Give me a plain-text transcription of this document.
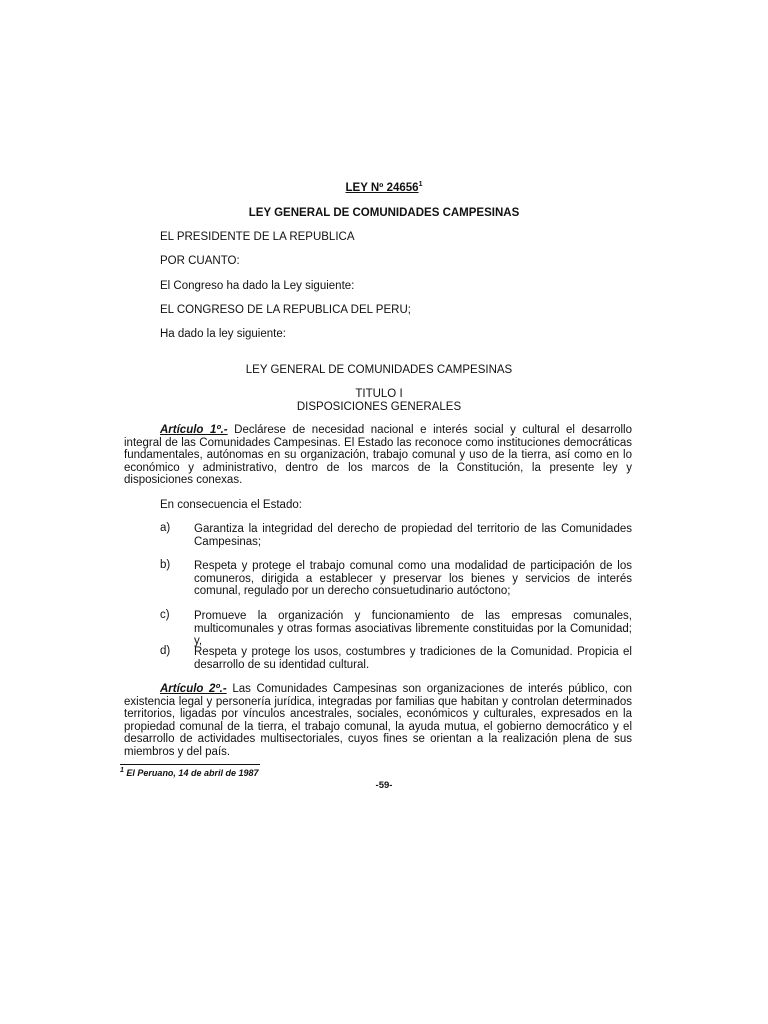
LEY Nº 24656$^1$
LEY GENERAL DE COMUNIDADES CAMPESINAS
EL PRESIDENTE DE LA REPUBLICA
POR CUANTO:
El Congreso ha dado la Ley siguiente:
EL CONGRESO DE LA REPUBLICA DEL PERU;
Ha dado la ley siguiente:
LEY GENERAL DE COMUNIDADES CAMPESINAS
TITULO I
DISPOSICIONES GENERALES
Artículo 1º.- Declárese de necesidad nacional e interés social y cultural el desarrollo integral de las Comunidades Campesinas. El Estado las reconoce como instituciones democráticas fundamentales, autónomas en su organización, trabajo comunal y uso de la tierra, así como en lo económico y administrativo, dentro de los marcos de la Constitución, la presente ley y disposiciones conexas.
En consecuencia el Estado:
a) Garantiza la integridad del derecho de propiedad del territorio de las Comunidades Campesinas;
b) Respeta y protege el trabajo comunal como una modalidad de participación de los comuneros, dirigida a establecer y preservar los bienes y servicios de interés comunal, regulado por un derecho consuetudinario autóctono;
c) Promueve la organización y funcionamiento de las empresas comunales, multicomunales y otras formas asociativas libremente constituidas por la Comunidad; y,
d) Respeta y protege los usos, costumbres y tradiciones de la Comunidad. Propicia el desarrollo de su identidad cultural.
Artículo 2º.- Las Comunidades Campesinas son organizaciones de interés público, con existencia legal y personería jurídica, integradas por familias que habitan y controlan determinados territorios, ligadas por vínculos ancestrales, sociales, económicos y culturales, expresados en la propiedad comunal de la tierra, el trabajo comunal, la ayuda mutua, el gobierno democrático y el desarrollo de actividades multisectoriales, cuyos fines se orientan a la realización plena de sus miembros y del país.
$^1$ El Peruano, 14 de abril de 1987
-59-
